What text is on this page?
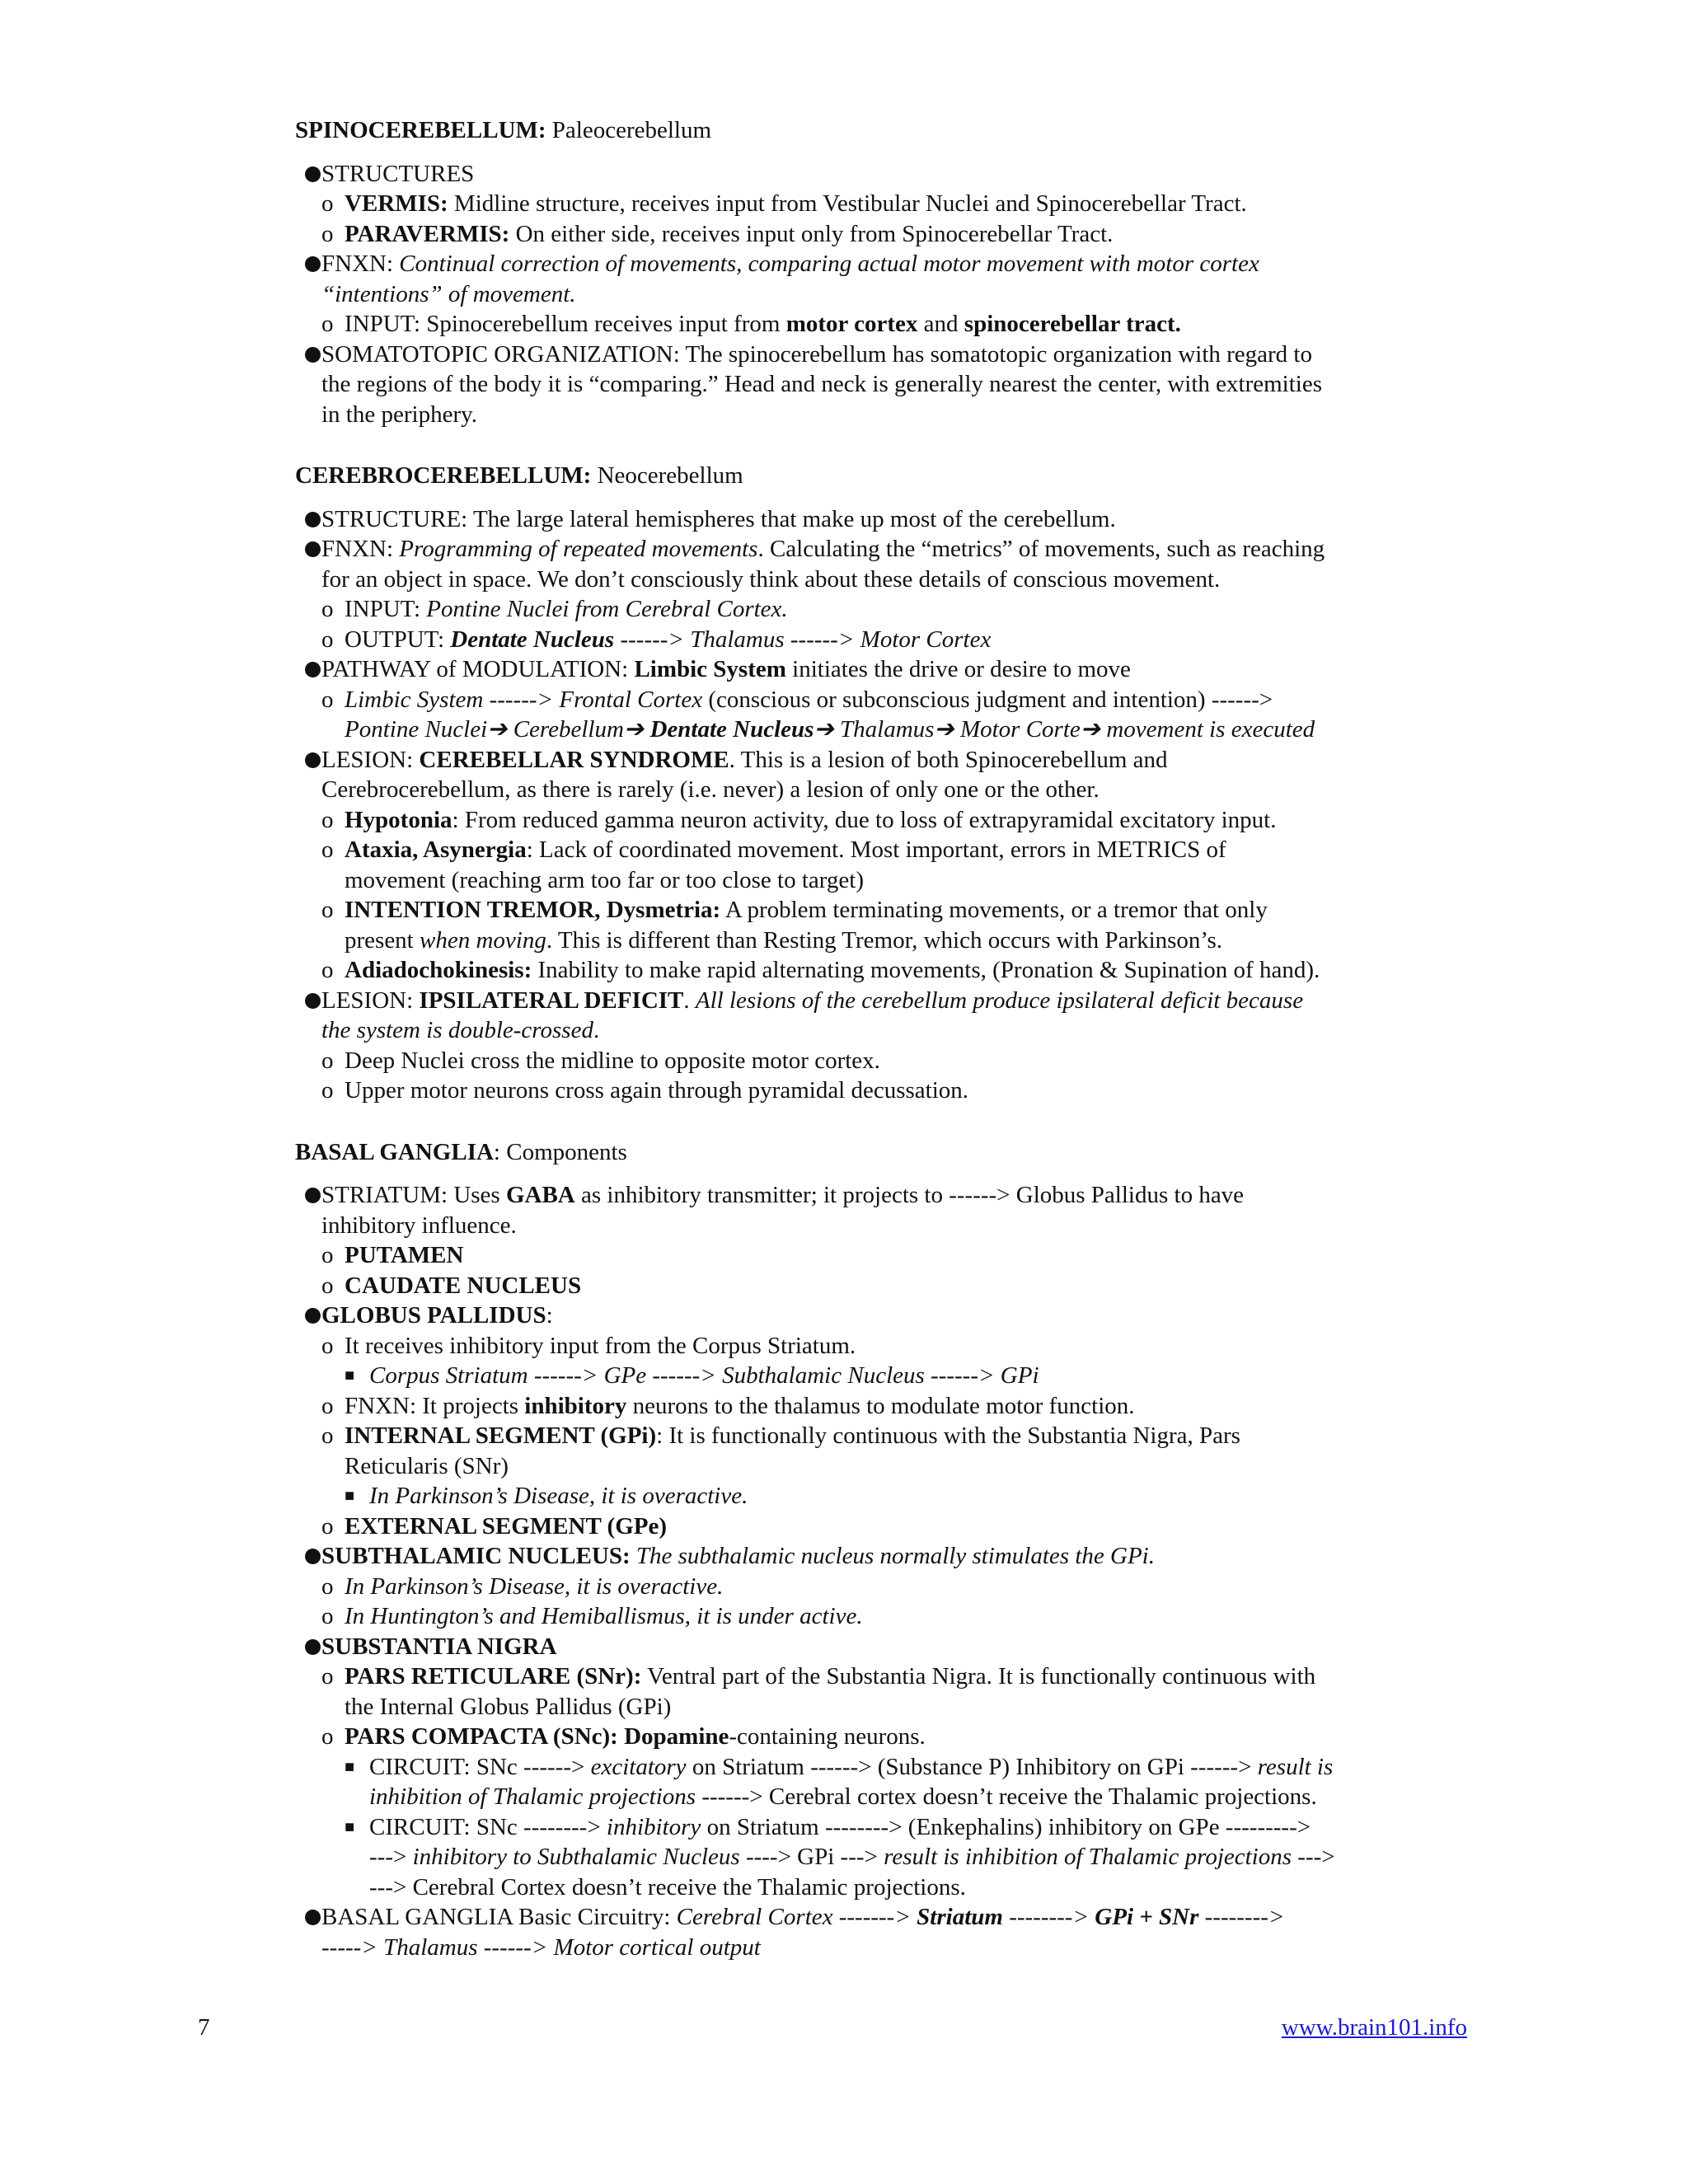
SPINOCEREBELLUM: Paleocerebellum
STRUCTURES
o VERMIS: Midline structure, receives input from Vestibular Nuclei and Spinocerebellar Tract.
o PARAVERMIS: On either side, receives input only from Spinocerebellar Tract.
FNXN: Continual correction of movements, comparing actual motor movement with motor cortex
“intentions” of movement.
o INPUT: Spinocerebellum receives input from motor cortex and spinocerebellar tract.
SOMATOTOPIC ORGANIZATION: The spinocerebellum has somatotopic organization with regard to
the regions of the body it is “comparing.” Head and neck is generally nearest the center, with extremities
in the periphery.
CEREBROCEREBELLUM: Neocerebellum
STRUCTURE: The large lateral hemispheres that make up most of the cerebellum.
FNXN: Programming of repeated movements. Calculating the “metrics” of movements, such as reaching
for an object in space. We don’t consciously think about these details of conscious movement.
o INPUT: Pontine Nuclei from Cerebral Cortex.
o OUTPUT: Dentate Nucleus ------> Thalamus ------> Motor Cortex
PATHWAY of MODULATION: Limbic System initiates the drive or desire to move
o Limbic System ------> Frontal Cortex (conscious or subconscious judgment and intention) ------>
Pontine Nuclei➔ Cerebellum➔ Dentate Nucleus➔ Thalamus➔ Motor Corte➔ movement is executed
LESION: CEREBELLAR SYNDROME. This is a lesion of both Spinocerebellum and
Cerebrocerebellum, as there is rarely (i.e. never) a lesion of only one or the other.
o Hypotonia: From reduced gamma neuron activity, due to loss of extrapyramidal excitatory input.
o Ataxia, Asynergia: Lack of coordinated movement. Most important, errors in METRICS of
movement (reaching arm too far or too close to target)
o INTENTION TREMOR, Dysmetria: A problem terminating movements, or a tremor that only
present when moving. This is different than Resting Tremor, which occurs with Parkinson’s.
o Adiadochokinesis: Inability to make rapid alternating movements, (Pronation & Supination of hand).
LESION: IPSILATERAL DEFICIT. All lesions of the cerebellum produce ipsilateral deficit because
the system is double-crossed.
o Deep Nuclei cross the midline to opposite motor cortex.
o Upper motor neurons cross again through pyramidal decussation.
BASAL GANGLIA: Components
STRIATUM: Uses GABA as inhibitory transmitter; it projects to ------> Globus Pallidus to have
inhibitory influence.
o PUTAMEN
o CAUDATE NUCLEUS
GLOBUS PALLIDUS:
o It receives inhibitory input from the Corpus Striatum.
■ Corpus Striatum ------> GPe ------> Subthalamic Nucleus ------> GPi
o FNXN: It projects inhibitory neurons to the thalamus to modulate motor function.
o INTERNAL SEGMENT (GPi): It is functionally continuous with the Substantia Nigra, Pars
Reticularis (SNr)
■ In Parkinson’s Disease, it is overactive.
o EXTERNAL SEGMENT (GPe)
SUBTHALAMIC NUCLEUS: The subthalamic nucleus normally stimulates the GPi.
o In Parkinson’s Disease, it is overactive.
o In Huntington’s and Hemiballismus, it is under active.
SUBSTANTIA NIGRA
o PARS RETICULARE (SNr): Ventral part of the Substantia Nigra. It is functionally continuous with
the Internal Globus Pallidus (GPi)
o PARS COMPACTA (SNc): Dopamine-containing neurons.
■ CIRCUIT: SNc ------> excitatory on Striatum ------> (Substance P) Inhibitory on GPi ------> result is
inhibition of Thalamic projections ------> Cerebral cortex doesn’t receive the Thalamic projections.
■ CIRCUIT: SNc --------> inhibitory on Striatum --------> (Enkephalins) inhibitory on GPe --------->
---> inhibitory to Subthalamic Nucleus ----> GPi ---> result is inhibition of Thalamic projections --->
---> Cerebral Cortex doesn’t receive the Thalamic projections.
BASAL GANGLIA Basic Circuitry: Cerebral Cortex -------> Striatum --------> GPi + SNr -------->
-----> Thalamus ------> Motor cortical output
7	www.brain101.info
